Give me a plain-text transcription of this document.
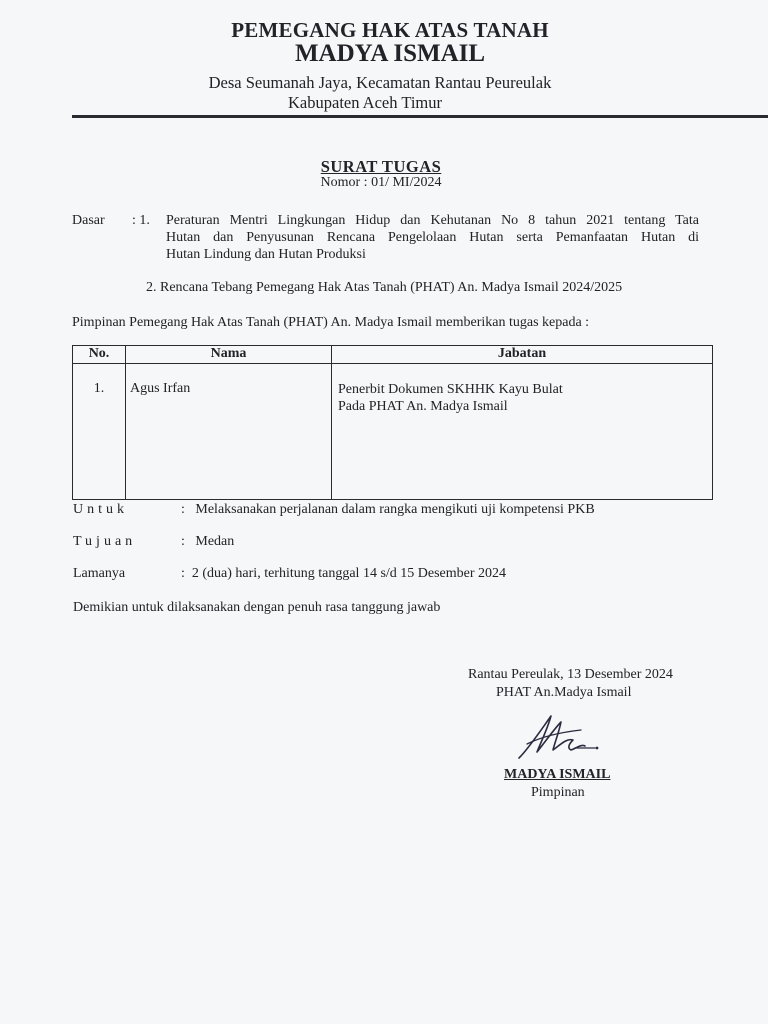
PEMEGANG HAK ATAS TANAH
MADYA ISMAIL
Desa Seumanah Jaya, Kecamatan Rantau Peureulak
Kabupaten Aceh Timur
SURAT TUGAS
Nomor : 01/ MI/2024
Dasar : 1. Peraturan Mentri Lingkungan Hidup dan Kehutanan No 8 tahun 2021 tentang Tata
Hutan dan Penyusunan Rencana Pengelolaan Hutan serta Pemanfaatan Hutan di
Hutan Lindung dan Hutan Produksi
2. Rencana Tebang Pemegang Hak Atas Tanah (PHAT) An. Madya Ismail 2024/2025
Pimpinan Pemegang Hak Atas Tanah (PHAT) An. Madya Ismail memberikan tugas kepada :
No.	Nama	Jabatan
1.	Agus Irfan	Penerbit Dokumen SKHHK Kayu Bulat
Pada PHAT An. Madya Ismail
Untuk	:   Melaksanakan perjalanan dalam rangka mengikuti uji kompetensi PKB
Tujuan	:   Medan
Lamanya	:  2 (dua) hari, terhitung tanggal 14 s/d 15 Desember 2024
Demikian untuk dilaksanakan dengan penuh rasa tanggung jawab
Rantau Pereulak, 13 Desember 2024
PHAT An.Madya Ismail
MADYA ISMAIL
Pimpinan
